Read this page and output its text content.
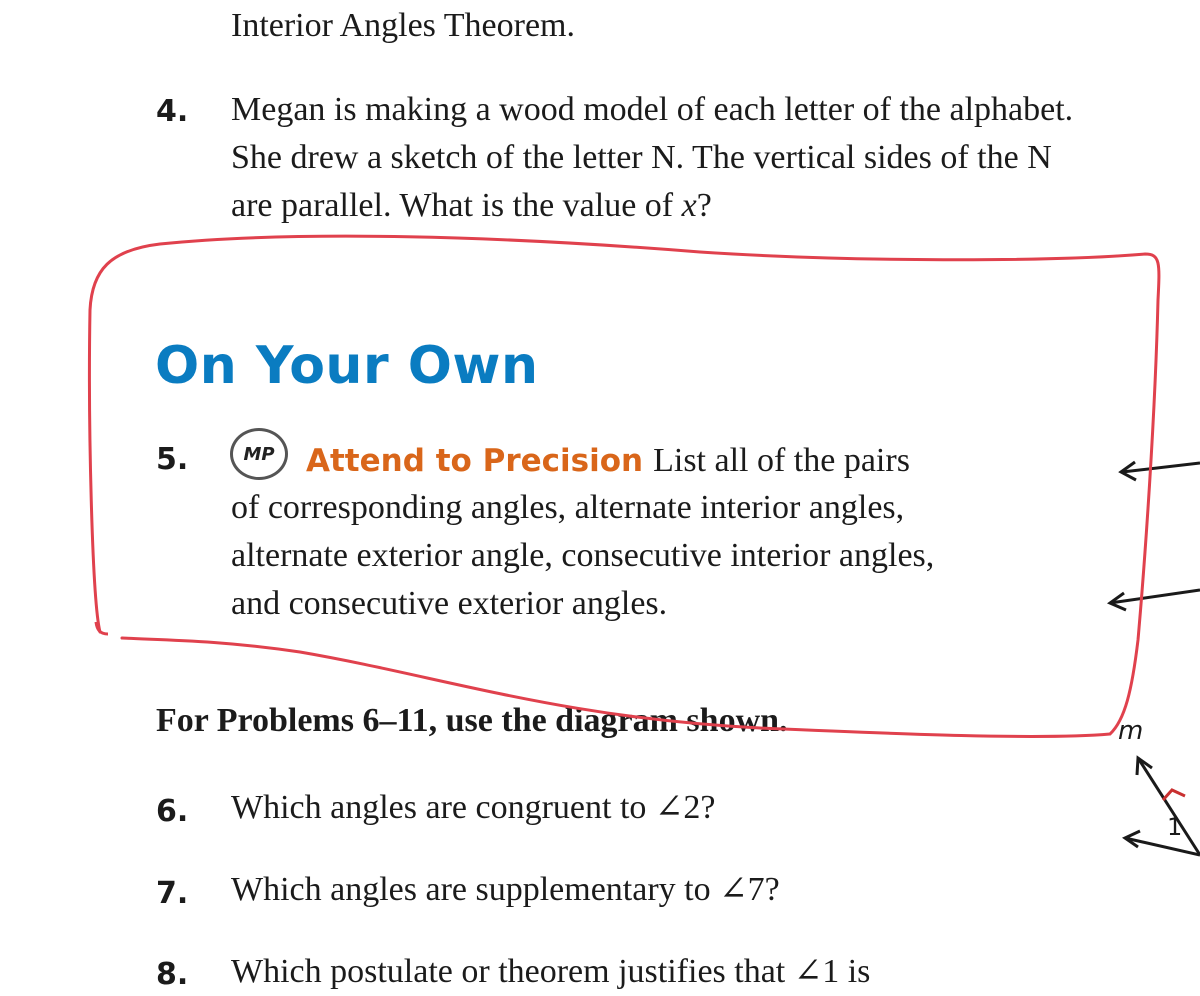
Interior Angles Theorem.
4. Megan is making a wood model of each letter of the alphabet.
She drew a sketch of the letter N. The vertical sides of the N
are parallel. What is the value of x?
On Your Own
5.	MP	Attend to Precision List all of the pairs
of corresponding angles, alternate interior angles,
alternate exterior angle, consecutive interior angles,
and consecutive exterior angles.
For Problems 6–11, use the diagram shown.
6. Which angles are congruent to ∠2?
7. Which angles are supplementary to ∠7?
8. Which postulate or theorem justifies that ∠1 is
m
1
